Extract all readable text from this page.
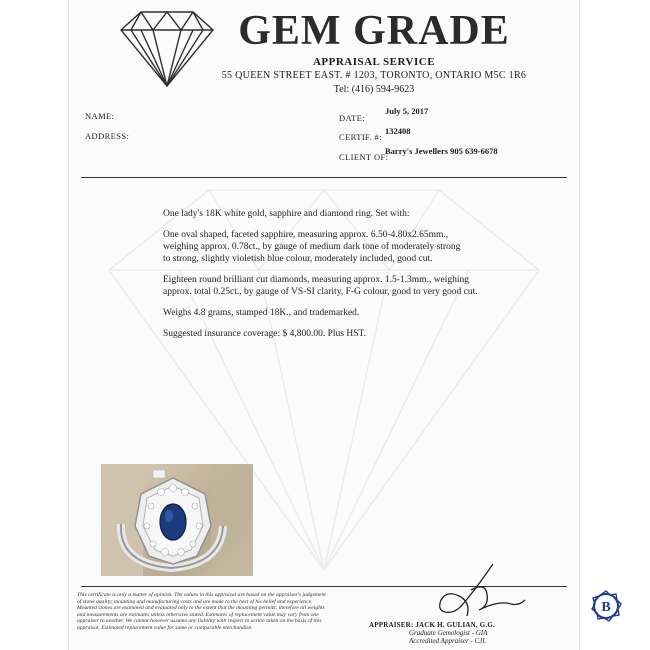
GEM GRADE
APPRAISAL SERVICE
55 QUEEN STREET EAST. # 1203, TORONTO, ONTARIO M5C 1R6
Tel: (416) 594-9623
NAME:
ADDRESS:
DATE:
July 5, 2017
CERTIF. #:
132408
CLIENT OF:
Barry's Jewellers 905 639-6678

One lady's 18K white gold, sapphire and diamond ring. Set with:

One oval shaped, faceted sapphire, measuring approx. 6.50-4.80x2.65mm.,
weighing approx. 0.78ct., by gauge of medium dark tone of moderately strong
to strong, slightly violetish blue colour, moderately included, good cut.

Eighteen round brilliant cut diamonds, measuring approx. 1.5-1.3mm., weighing
approx. total 0.25ct., by gauge of VS-SI clarity, F-G colour, good to very good cut.

Weighs 4.8 grams, stamped 18K., and trademarked.

Suggested insurance coverage: $ 4,800.00. Plus HST.

This certificate is only a matter of opinion. The values in this appraisal are based on the appraiser's judgement of stone quality, mounting and manufacturing costs and are made to the best of his belief and experience. Mounted stones are examined and evaluated only to the extent that the mounting permits; therefore all weights and measurements are estimates unless otherwise stated. Estimates of replacement value may vary from one appraiser to another. We cannot however assume any liability with respect to action taken on the basis of this appraisal. Estimated replacement value for same or comparable merchandise.	APPRAISER: JACK H. GULIAN, G.G.
Graduate Gemologist - GIA
Accredited Appraiser - CJI.
B
